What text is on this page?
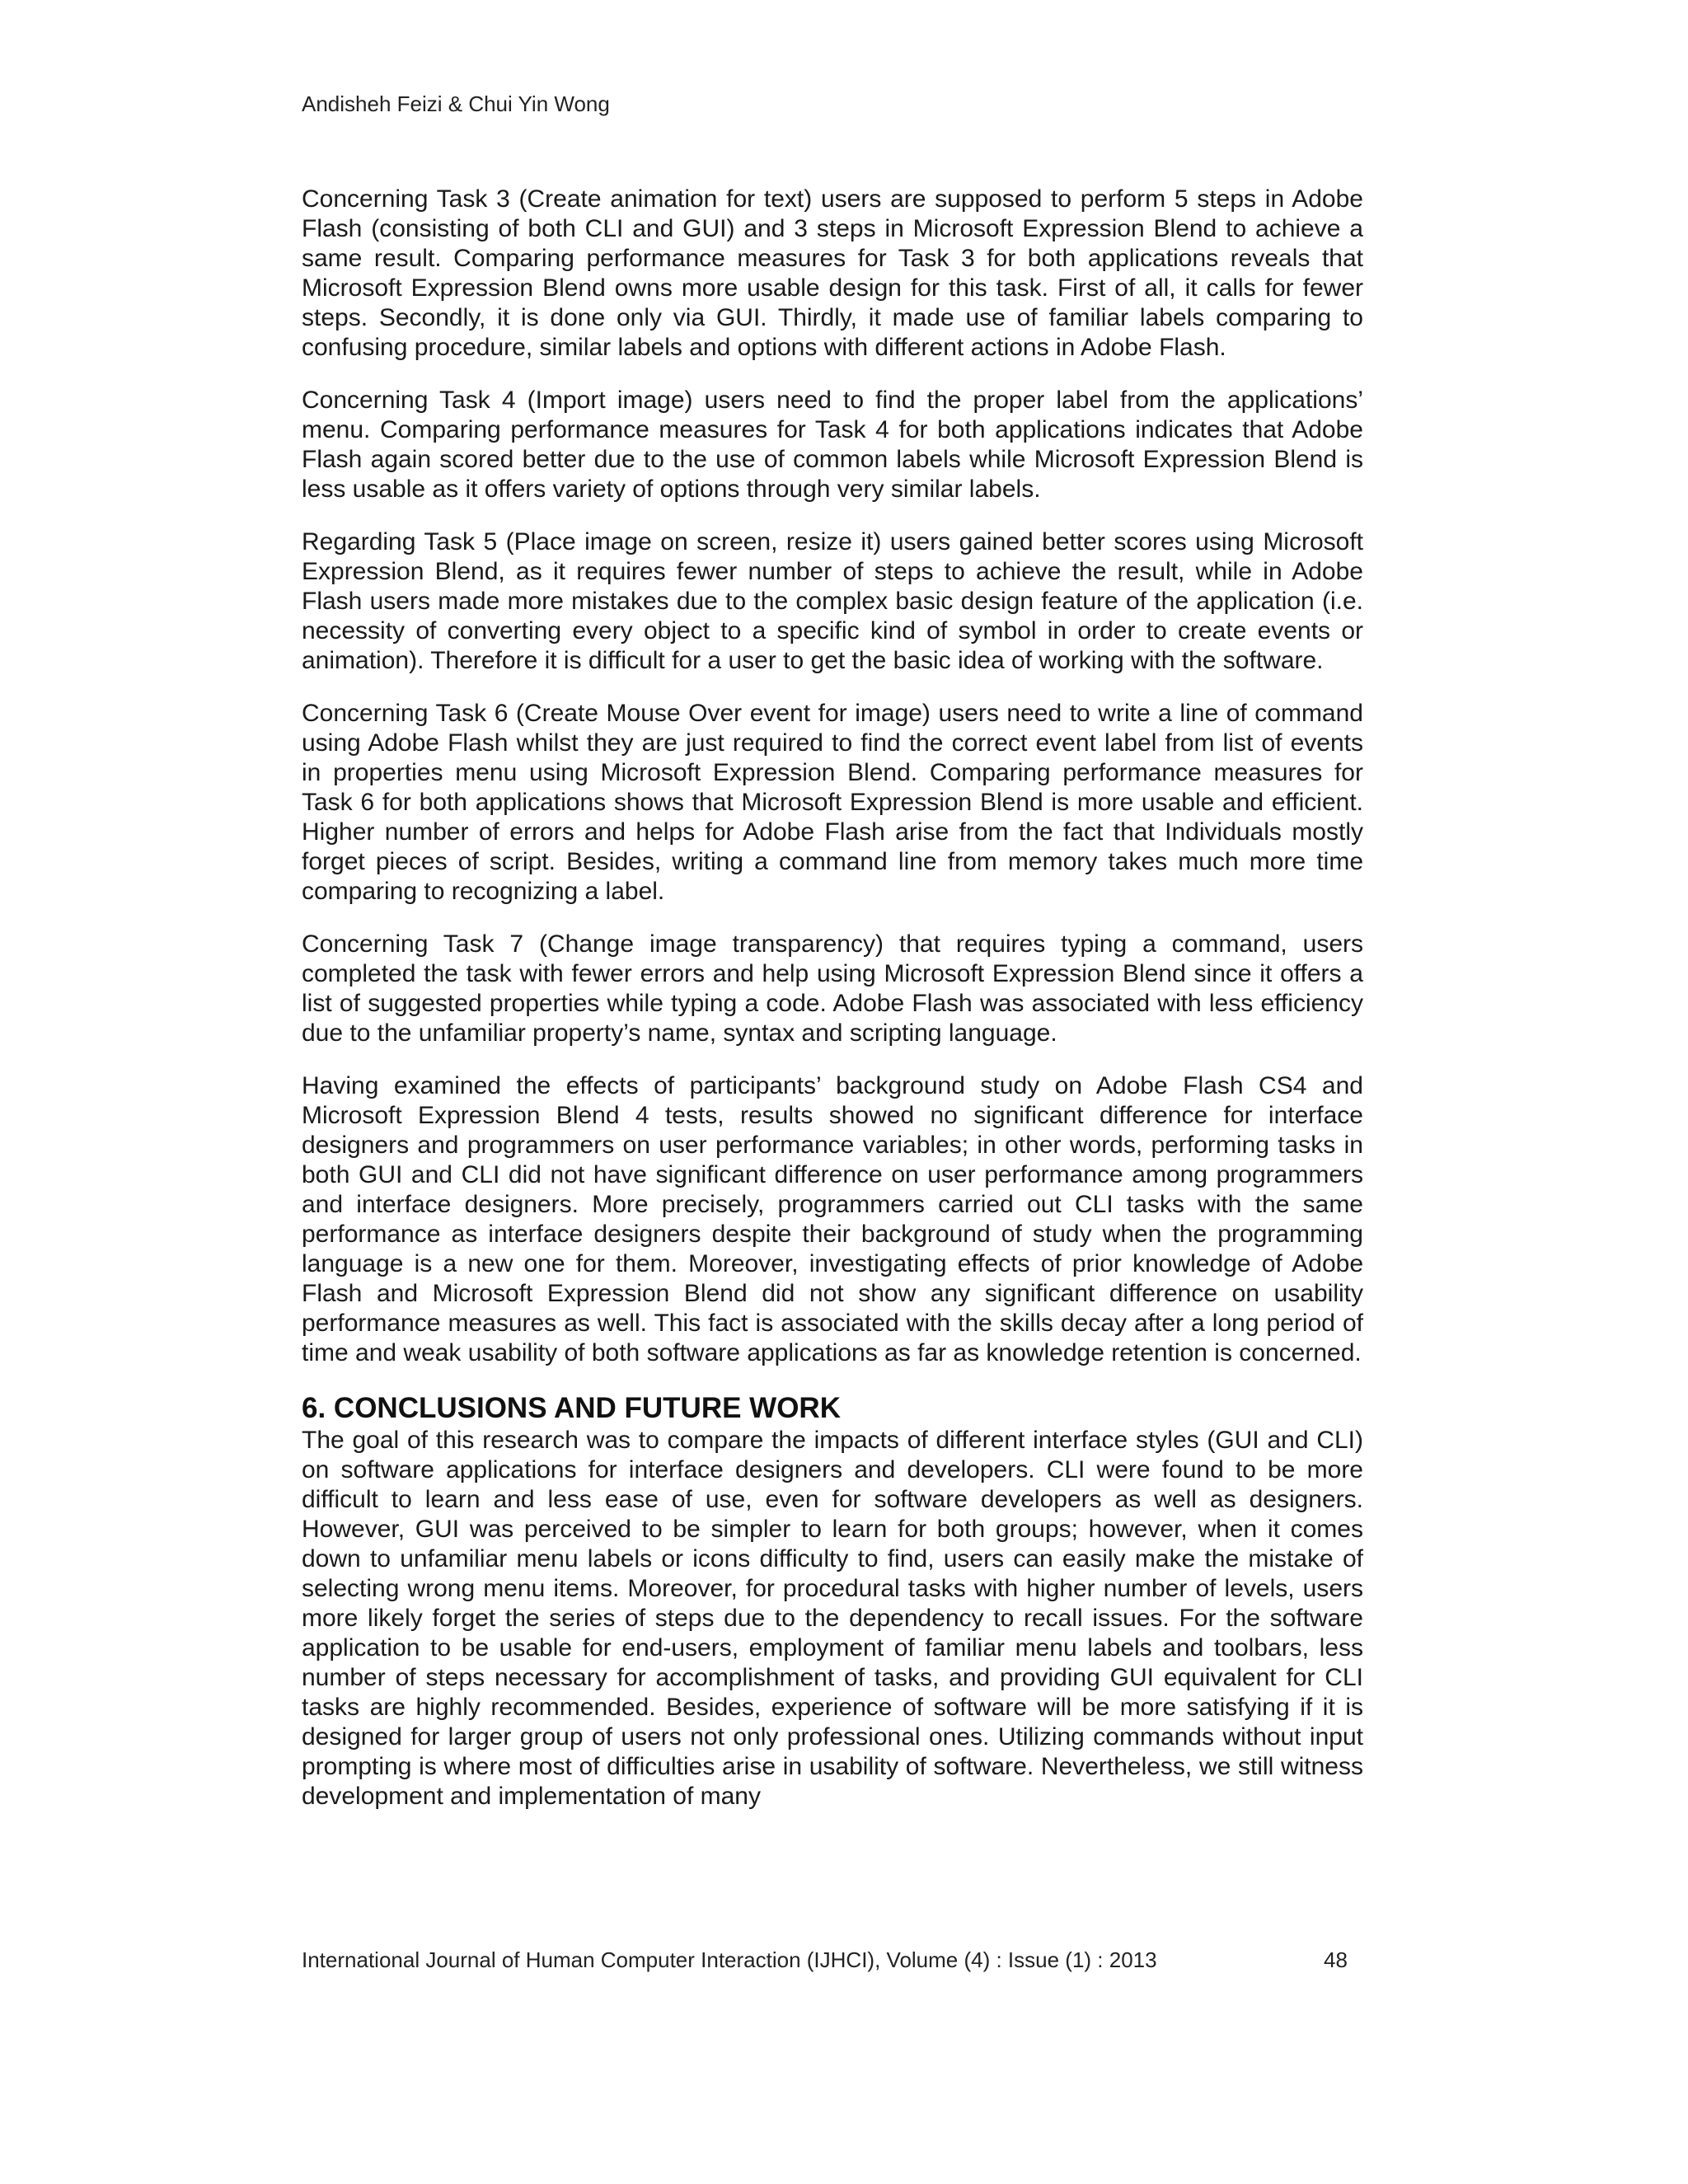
Andisheh Feizi & Chui Yin Wong

Concerning Task 3 (Create animation for text) users are supposed to perform 5 steps in Adobe Flash (consisting of both CLI and GUI) and 3 steps in Microsoft Expression Blend to achieve a same result. Comparing performance measures for Task 3 for both applications reveals that Microsoft Expression Blend owns more usable design for this task. First of all, it calls for fewer steps. Secondly, it is done only via GUI. Thirdly, it made use of familiar labels comparing to confusing procedure, similar labels and options with different actions in Adobe Flash.

Concerning Task 4 (Import image) users need to find the proper label from the applications’ menu. Comparing performance measures for Task 4 for both applications indicates that Adobe Flash again scored better due to the use of common labels while Microsoft Expression Blend is less usable as it offers variety of options through very similar labels.

Regarding Task 5 (Place image on screen, resize it) users gained better scores using Microsoft Expression Blend, as it requires fewer number of steps to achieve the result, while in Adobe Flash users made more mistakes due to the complex basic design feature of the application (i.e. necessity of converting every object to a specific kind of symbol in order to create events or animation). Therefore it is difficult for a user to get the basic idea of working with the software.

Concerning Task 6 (Create Mouse Over event for image) users need to write a line of command using Adobe Flash whilst they are just required to find the correct event label from list of events in properties menu using Microsoft Expression Blend. Comparing performance measures for Task 6 for both applications shows that Microsoft Expression Blend is more usable and efficient. Higher number of errors and helps for Adobe Flash arise from the fact that Individuals mostly forget pieces of script. Besides, writing a command line from memory takes much more time comparing to recognizing a label.

Concerning Task 7 (Change image transparency) that requires typing a command, users completed the task with fewer errors and help using Microsoft Expression Blend since it offers a list of suggested properties while typing a code. Adobe Flash was associated with less efficiency due to the unfamiliar property’s name, syntax and scripting language.

Having examined the effects of participants’ background study on Adobe Flash CS4 and Microsoft Expression Blend 4 tests, results showed no significant difference for interface designers and programmers on user performance variables; in other words, performing tasks in both GUI and CLI did not have significant difference on user performance among programmers and interface designers. More precisely, programmers carried out CLI tasks with the same performance as interface designers despite their background of study when the programming language is a new one for them. Moreover, investigating effects of prior knowledge of Adobe Flash and Microsoft Expression Blend did not show any significant difference on usability performance measures as well. This fact is associated with the skills decay after a long period of time and weak usability of both software applications as far as knowledge retention is concerned.

6. CONCLUSIONS AND FUTURE WORK

The goal of this research was to compare the impacts of different interface styles (GUI and CLI) on software applications for interface designers and developers. CLI were found to be more difficult to learn and less ease of use, even for software developers as well as designers. However, GUI was perceived to be simpler to learn for both groups; however, when it comes down to unfamiliar menu labels or icons difficulty to find, users can easily make the mistake of selecting wrong menu items. Moreover, for procedural tasks with higher number of levels, users more likely forget the series of steps due to the dependency to recall issues. For the software application to be usable for end-users, employment of familiar menu labels and toolbars, less number of steps necessary for accomplishment of tasks, and providing GUI equivalent for CLI tasks are highly recommended. Besides, experience of software will be more satisfying if it is designed for larger group of users not only professional ones. Utilizing commands without input prompting is where most of difficulties arise in usability of software. Nevertheless, we still witness development and implementation of many

International Journal of Human Computer Interaction (IJHCI), Volume (4) : Issue (1) : 2013	48
